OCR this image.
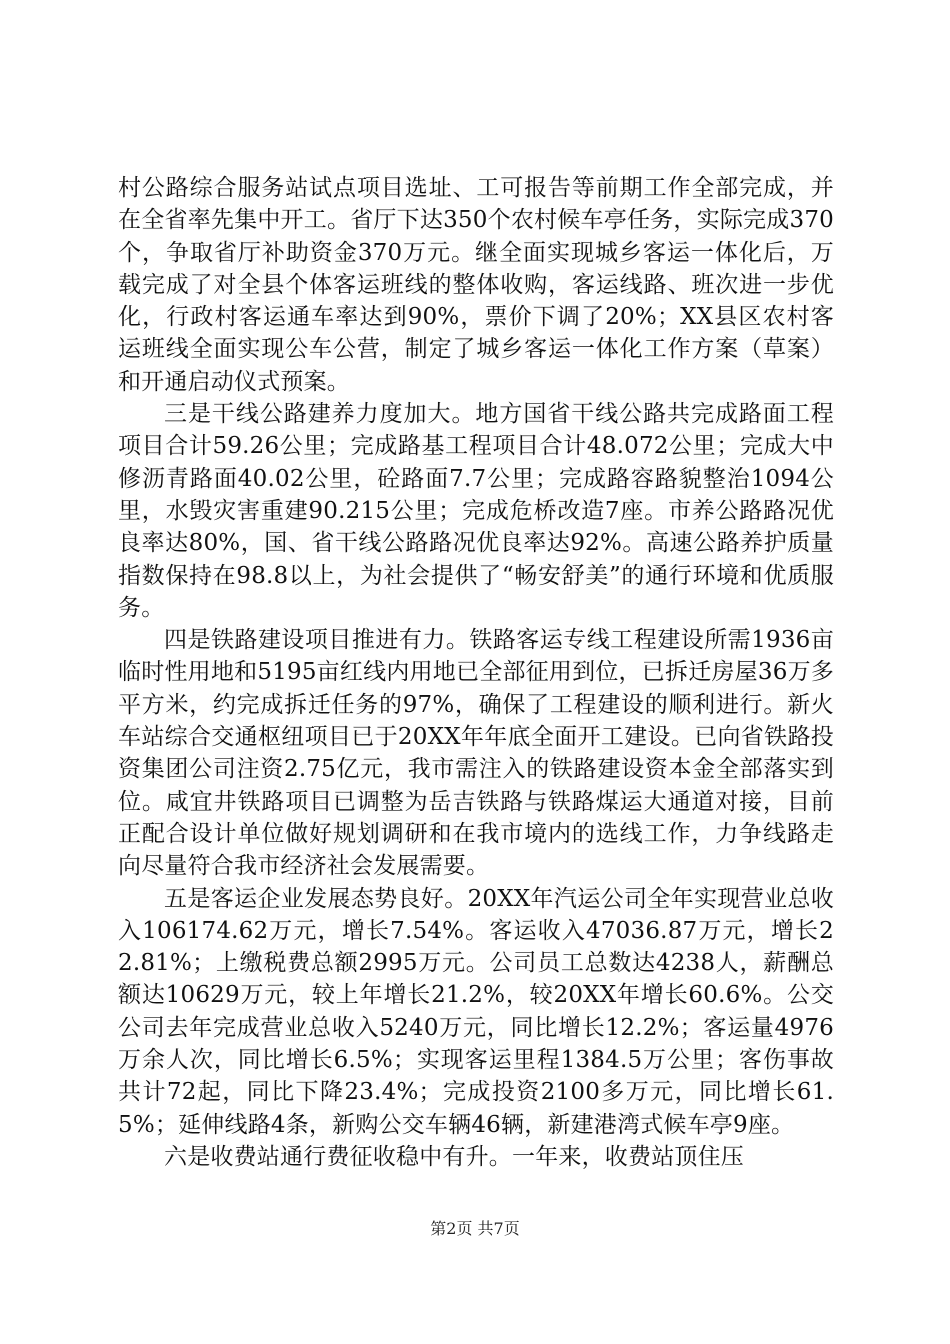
村公路综合服务站试点项目选址、工可报告等前期工作全部完成，并在全省率先集中开工。省厅下达350个农村候车亭任务，实际完成370个，争取省厅补助资金370万元。继全面实现城乡客运一体化后，万载完成了对全县个体客运班线的整体收购，客运线路、班次进一步优化，行政村客运通车率达到90%，票价下调了20%；XX县区农村客运班线全面实现公车公营，制定了城乡客运一体化工作方案（草案）和开通启动仪式预案。

三是干线公路建养力度加大。地方国省干线公路共完成路面工程项目合计59.26公里；完成路基工程项目合计48.072公里；完成大中修沥青路面40.02公里，砼路面7.7公里；完成路容路貌整治1094公里，水毁灾害重建90.215公里；完成危桥改造7座。市养公路路况优良率达80%，国、省干线公路路况优良率达92%。高速公路养护质量指数保持在98.8以上，为社会提供了“畅安舒美”的通行环境和优质服务。

四是铁路建设项目推进有力。铁路客运专线工程建设所需1936亩临时性用地和5195亩红线内用地已全部征用到位，已拆迁房屋36万多平方米，约完成拆迁任务的97%，确保了工程建设的顺利进行。新火车站综合交通枢纽项目已于20XX年年底全面开工建设。已向省铁路投资集团公司注资2.75亿元，我市需注入的铁路建设资本金全部落实到位。咸宜井铁路项目已调整为岳吉铁路与铁路煤运大通道对接，目前正配合设计单位做好规划调研和在我市境内的选线工作，力争线路走向尽量符合我市经济社会发展需要。

五是客运企业发展态势良好。20XX年汽运公司全年实现营业总收入106174.62万元，增长7.54%。客运收入47036.87万元，增长22.81%；上缴税费总额2995万元。公司员工总数达4238人，薪酬总额达10629万元，较上年增长21.2%，较20XX年增长60.6%。公交公司去年完成营业总收入5240万元，同比增长12.2%；客运量4976万余人次，同比增长6.5%；实现客运里程1384.5万公里；客伤事故共计72起，同比下降23.4%；完成投资2100多万元，同比增长61.5%；延伸线路4条，新购公交车辆46辆，新建港湾式候车亭9座。

六是收费站通行费征收稳中有升。一年来，收费站顶住压

第2页 共7页
